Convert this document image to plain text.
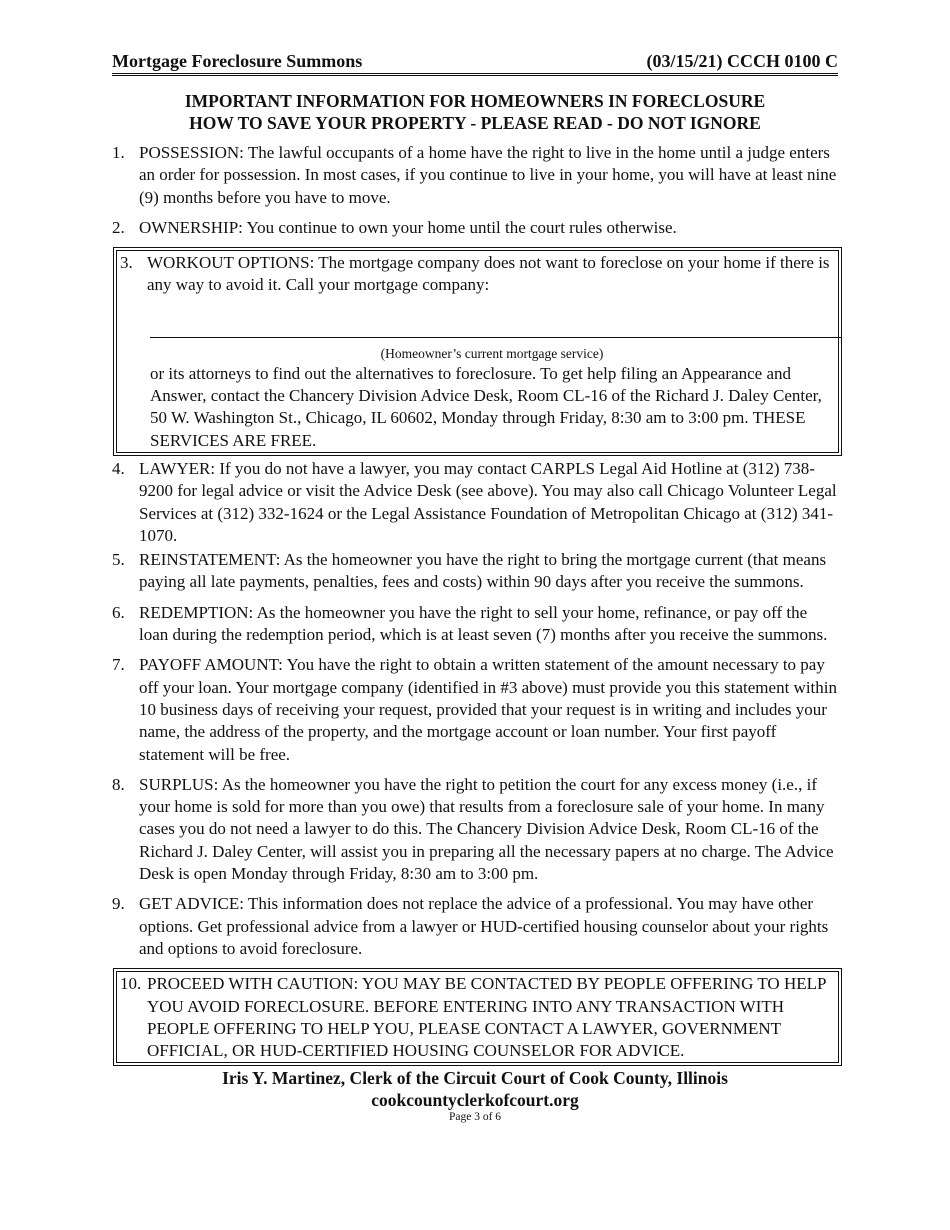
Mortgage Foreclosure Summons	(03/15/21) CCCH 0100 C
IMPORTANT INFORMATION FOR HOMEOWNERS IN FORECLOSURE
HOW TO SAVE YOUR PROPERTY - PLEASE READ - DO NOT IGNORE
1. POSSESSION: The lawful occupants of a home have the right to live in the home until a judge enters an order for possession. In most cases, if you continue to live in your home, you will have at least nine (9) months before you have to move.
2. OWNERSHIP: You continue to own your home until the court rules otherwise.
3. WORKOUT OPTIONS: The mortgage company does not want to foreclose on your home if there is any way to avoid it. Call your mortgage company:
(Homeowner’s current mortgage service)
or its attorneys to find out the alternatives to foreclosure. To get help filing an Appearance and Answer, contact the Chancery Division Advice Desk, Room CL-16 of the Richard J. Daley Center, 50 W. Washington St., Chicago, IL 60602, Monday through Friday, 8:30 am to 3:00 pm. THESE SERVICES ARE FREE.
4. LAWYER: If you do not have a lawyer, you may contact CARPLS Legal Aid Hotline at (312) 738-9200 for legal advice or visit the Advice Desk (see above). You may also call Chicago Volunteer Legal Services at (312) 332-1624 or the Legal Assistance Foundation of Metropolitan Chicago at (312) 341-1070.
5. REINSTATEMENT: As the homeowner you have the right to bring the mortgage current (that means paying all late payments, penalties, fees and costs) within 90 days after you receive the summons.
6. REDEMPTION: As the homeowner you have the right to sell your home, refinance, or pay off the loan during the redemption period, which is at least seven (7) months after you receive the summons.
7. PAYOFF AMOUNT: You have the right to obtain a written statement of the amount necessary to pay off your loan. Your mortgage company (identified in #3 above) must provide you this statement within 10 business days of receiving your request, provided that your request is in writing and includes your name, the address of the property, and the mortgage account or loan number. Your first payoff statement will be free.
8. SURPLUS: As the homeowner you have the right to petition the court for any excess money (i.e., if your home is sold for more than you owe) that results from a foreclosure sale of your home. In many cases you do not need a lawyer to do this. The Chancery Division Advice Desk, Room CL-16 of the Richard J. Daley Center, will assist you in preparing all the necessary papers at no charge. The Advice Desk is open Monday through Friday, 8:30 am to 3:00 pm.
9. GET ADVICE: This information does not replace the advice of a professional. You may have other options. Get professional advice from a lawyer or HUD-certified housing counselor about your rights and options to avoid foreclosure.
10. PROCEED WITH CAUTION: YOU MAY BE CONTACTED BY PEOPLE OFFERING TO HELP YOU AVOID FORECLOSURE. BEFORE ENTERING INTO ANY TRANSACTION WITH PEOPLE OFFERING TO HELP YOU, PLEASE CONTACT A LAWYER, GOVERNMENT OFFICIAL, OR HUD-CERTIFIED HOUSING COUNSELOR FOR ADVICE.
Iris Y. Martinez, Clerk of the Circuit Court of Cook County, Illinois
cookcountyclerkofcourt.org
Page 3 of 6
